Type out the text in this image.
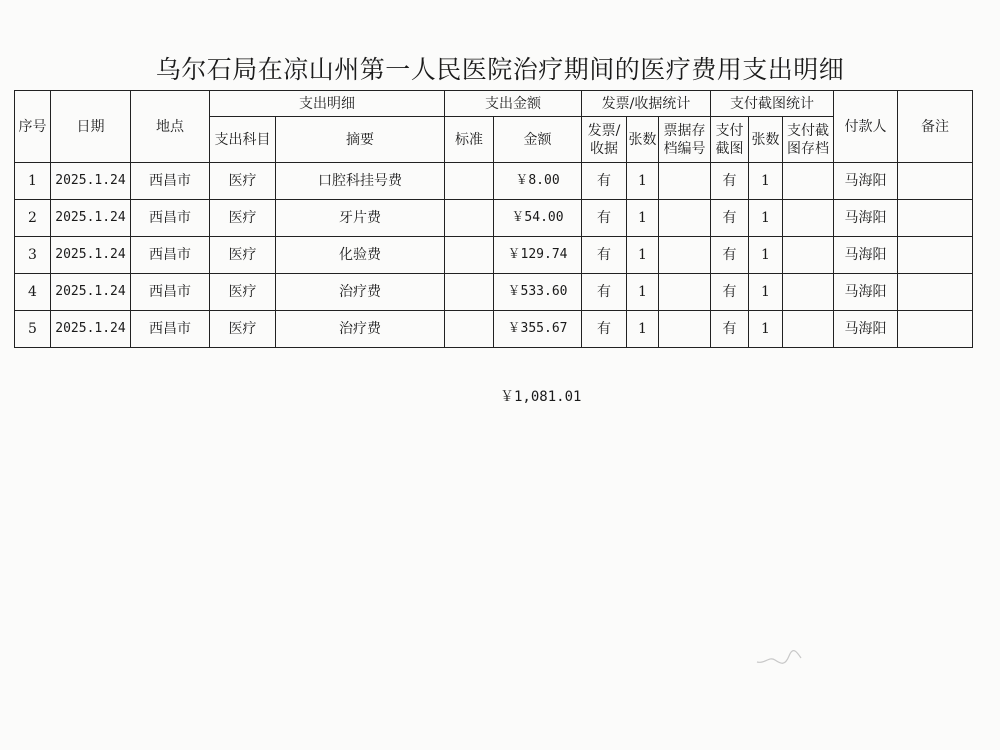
乌尔石局在凉山州第一人民医院治疗期间的医疗费用支出明细
序号	日期	地点	支出明细		支出金额		发票/收据统计			支付截图统计			付款人	备注
			支出科目	摘要	标准	金额	发票/收据	张数	票据存档编号	支付截图	张数	支付截图存档		
1	2025.1.24	西昌市	医疗	口腔科挂号费		￥8.00	有	1		有	1		马海阳	
2	2025.1.24	西昌市	医疗	牙片费		￥54.00	有	1		有	1		马海阳	
3	2025.1.24	西昌市	医疗	化验费		￥129.74	有	1		有	1		马海阳	
4	2025.1.24	西昌市	医疗	治疗费		￥533.60	有	1		有	1		马海阳	
5	2025.1.24	西昌市	医疗	治疗费		￥355.67	有	1		有	1		马海阳	
￥1,081.01
